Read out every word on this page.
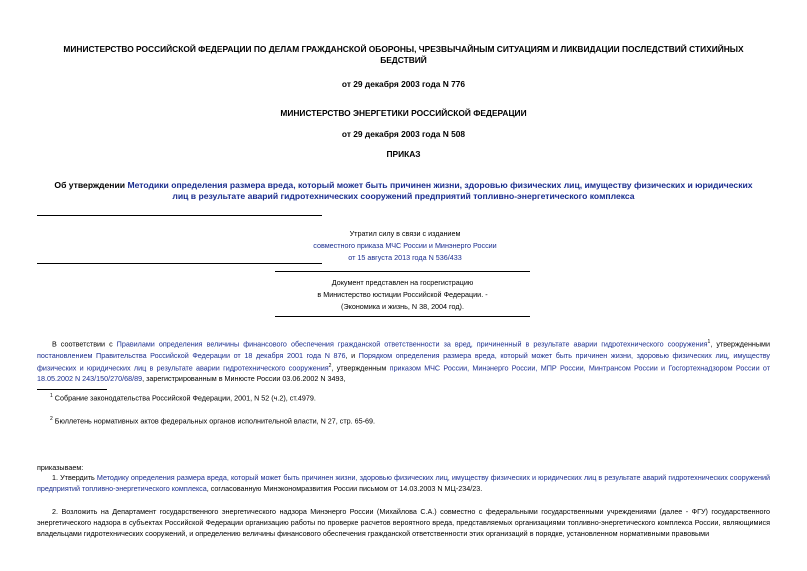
МИНИСТЕРСТВО РОССИЙСКОЙ ФЕДЕРАЦИИ ПО ДЕЛАМ ГРАЖДАНСКОЙ ОБОРОНЫ, ЧРЕЗВЫЧАЙНЫМ СИТУАЦИЯМ И ЛИКВИДАЦИИ ПОСЛЕДСТВИЙ СТИХИЙНЫХ
БЕДСТВИЙ
от 29 декабря 2003 года N 776
МИНИСТЕРСТВО ЭНЕРГЕТИКИ РОССИЙСКОЙ ФЕДЕРАЦИИ
от 29 декабря 2003 года N 508
ПРИКАЗ
Об утверждении Методики определения размера вреда, который может быть причинен жизни, здоровью физических лиц, имуществу физических и юридических
лиц в результате аварий гидротехнических сооружений предприятий топливно-энергетического комплекса
Утратил силу в связи с изданием
совместного приказа МЧС России и Минэнерго России
от 15 августа 2013 года N 536/433
Документ представлен на госрегистрацию
в Министерство юстиции Российской Федерации. -
(Экономика и жизнь, N 38, 2004 год).
В соответствии с Правилами определения величины финансового обеспечения гражданской ответственности за вред, причиненный в результате аварии гидротехнического сооружения$^1$, утвержденными постановлением Правительства Российской Федерации от 18 декабря 2001 года N 876, и Порядком определения размера вреда, который может быть причинен жизни, здоровью физических лиц, имуществу физических и юридических лиц в результате аварии гидротехнического сооружения$^2$, утвержденным приказом МЧС России, Минэнерго России, МПР России, Минтрансом России и Госгортехнадзором России от 18.05.2002 N 243/150/270/68/89, зарегистрированным в Минюсте России 03.06.2002 N 3493,
$^1$ Собрание законодательства Российской Федерации, 2001, N 52 (ч.2), ст.4979.
$^2$ Бюллетень нормативных актов федеральных органов исполнительной власти, N 27, стр. 65-69.
приказываем:
1. Утвердить Методику определения размера вреда, который может быть причинен жизни, здоровью физических лиц, имуществу физических и юридических лиц в результате аварий гидротехнических сооружений предприятий топливно-энергетического комплекса, согласованную Минэкономразвития России письмом от 14.03.2003 N МЦ-234/23.
2. Возложить на Департамент государственного энергетического надзора Минэнерго России (Михайлова С.А.) совместно с федеральными государственными учреждениями (далее - ФГУ) государственного энергетического надзора в субъектах Российской Федерации организацию работы по проверке расчетов вероятного вреда, представляемых организациями топливно-энергетического комплекса России, являющимися владельцами гидротехнических сооружений, и определению величины финансового обеспечения гражданской ответственности этих организаций в порядке, установленном нормативными правовыми
